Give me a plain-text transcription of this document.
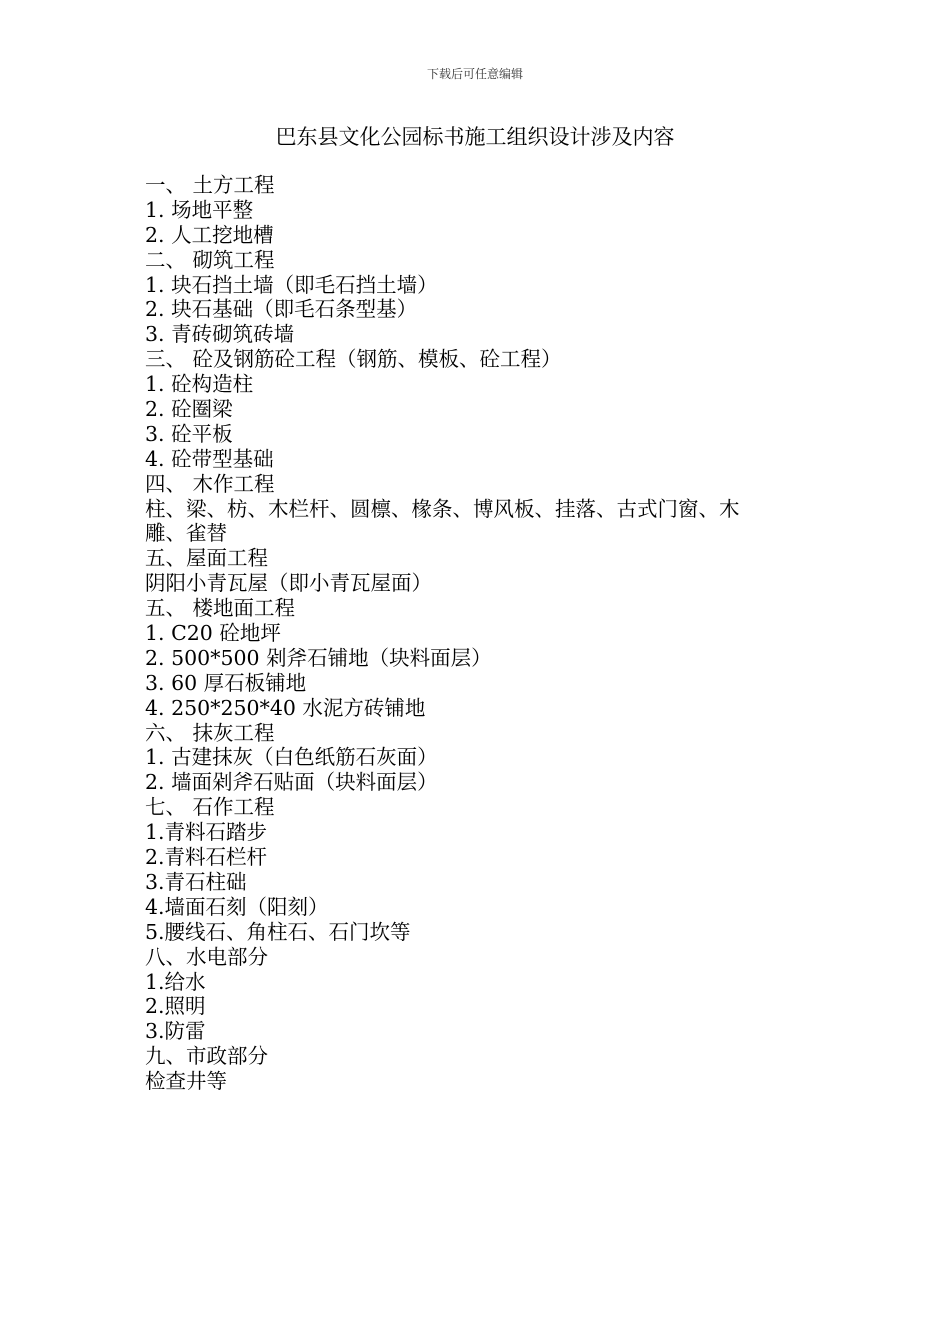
下载后可任意编辑
巴东县文化公园标书施工组织设计涉及内容
一、 土方工程
1. 场地平整
2. 人工挖地槽
二、 砌筑工程
1. 块石挡土墙（即毛石挡土墙）
2. 块石基础（即毛石条型基）
3. 青砖砌筑砖墙
三、 砼及钢筋砼工程（钢筋、模板、砼工程）
1. 砼构造柱
2. 砼圈梁
3. 砼平板
4. 砼带型基础
四、 木作工程
柱、梁、枋、木栏杆、圆檩、椽条、博风板、挂落、古式门窗、木
雕、雀替
五、屋面工程
阴阳小青瓦屋（即小青瓦屋面）
五、 楼地面工程
1. C20 砼地坪
2. 500*500 剁斧石铺地（块料面层）
3. 60 厚石板铺地
4. 250*250*40 水泥方砖铺地
六、 抹灰工程
1. 古建抹灰（白色纸筋石灰面）
2. 墙面剁斧石贴面（块料面层）
七、 石作工程
1.青料石踏步
2.青料石栏杆
3.青石柱础
4.墙面石刻（阳刻）
5.腰线石、角柱石、石门坎等
八、水电部分
1.给水
2.照明
3.防雷
九、市政部分
检查井等
